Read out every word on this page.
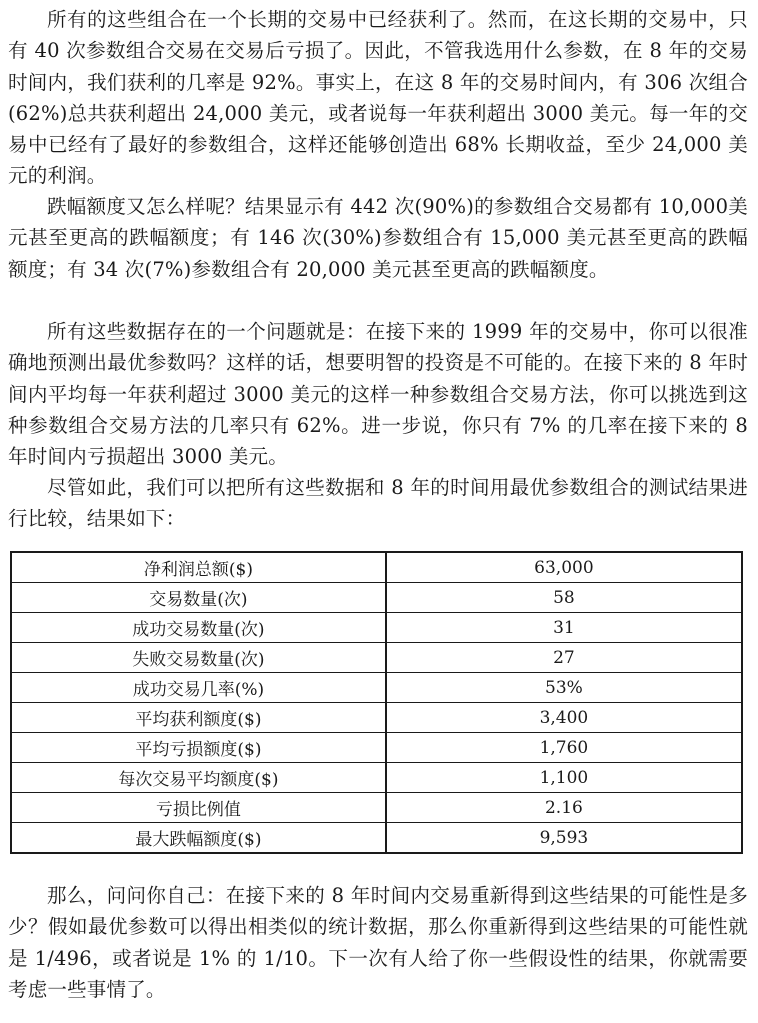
所有的这些组合在一个长期的交易中已经获利了。然而，在这长期的交易中，只有 40 次参数组合交易在交易后亏损了。因此，不管我选用什么参数，在 8 年的交易时间内，我们获利的几率是 92%。事实上，在这 8 年的交易时间内，有 306 次组合(62%)总共获利超出 24,000 美元，或者说每一年获利超出 3000 美元。每一年的交易中已经有了最好的参数组合，这样还能够创造出 68% 长期收益，至少 24,000 美元的利润。

跌幅额度又怎么样呢？结果显示有 442 次(90%)的参数组合交易都有 10,000美元甚至更高的跌幅额度；有 146 次(30%)参数组合有 15,000 美元甚至更高的跌幅额度；有 34 次(7%)参数组合有 20,000 美元甚至更高的跌幅额度。

所有这些数据存在的一个问题就是：在接下来的 1999 年的交易中，你可以很准确地预测出最优参数吗？这样的话，想要明智的投资是不可能的。在接下来的 8 年时间内平均每一年获利超过 3000 美元的这样一种参数组合交易方法，你可以挑选到这种参数组合交易方法的几率只有 62%。进一步说，你只有 7% 的几率在接下来的 8 年时间内亏损超出 3000 美元。

尽管如此，我们可以把所有这些数据和 8 年的时间用最优参数组合的测试结果进行比较，结果如下：

净利润总额($)	63,000
交易数量(次)	58
成功交易数量(次)	31
失败交易数量(次)	27
成功交易几率(%)	53%
平均获利额度($)	3,400
平均亏损额度($)	1,760
每次交易平均额度($)	1,100
亏损比例值	2.16
最大跌幅额度($)	9,593

那么，问问你自己：在接下来的 8 年时间内交易重新得到这些结果的可能性是多少？假如最优参数可以得出相类似的统计数据，那么你重新得到这些结果的可能性就是 1/496，或者说是 1% 的 1/10。下一次有人给了你一些假设性的结果，你就需要考虑一些事情了。
